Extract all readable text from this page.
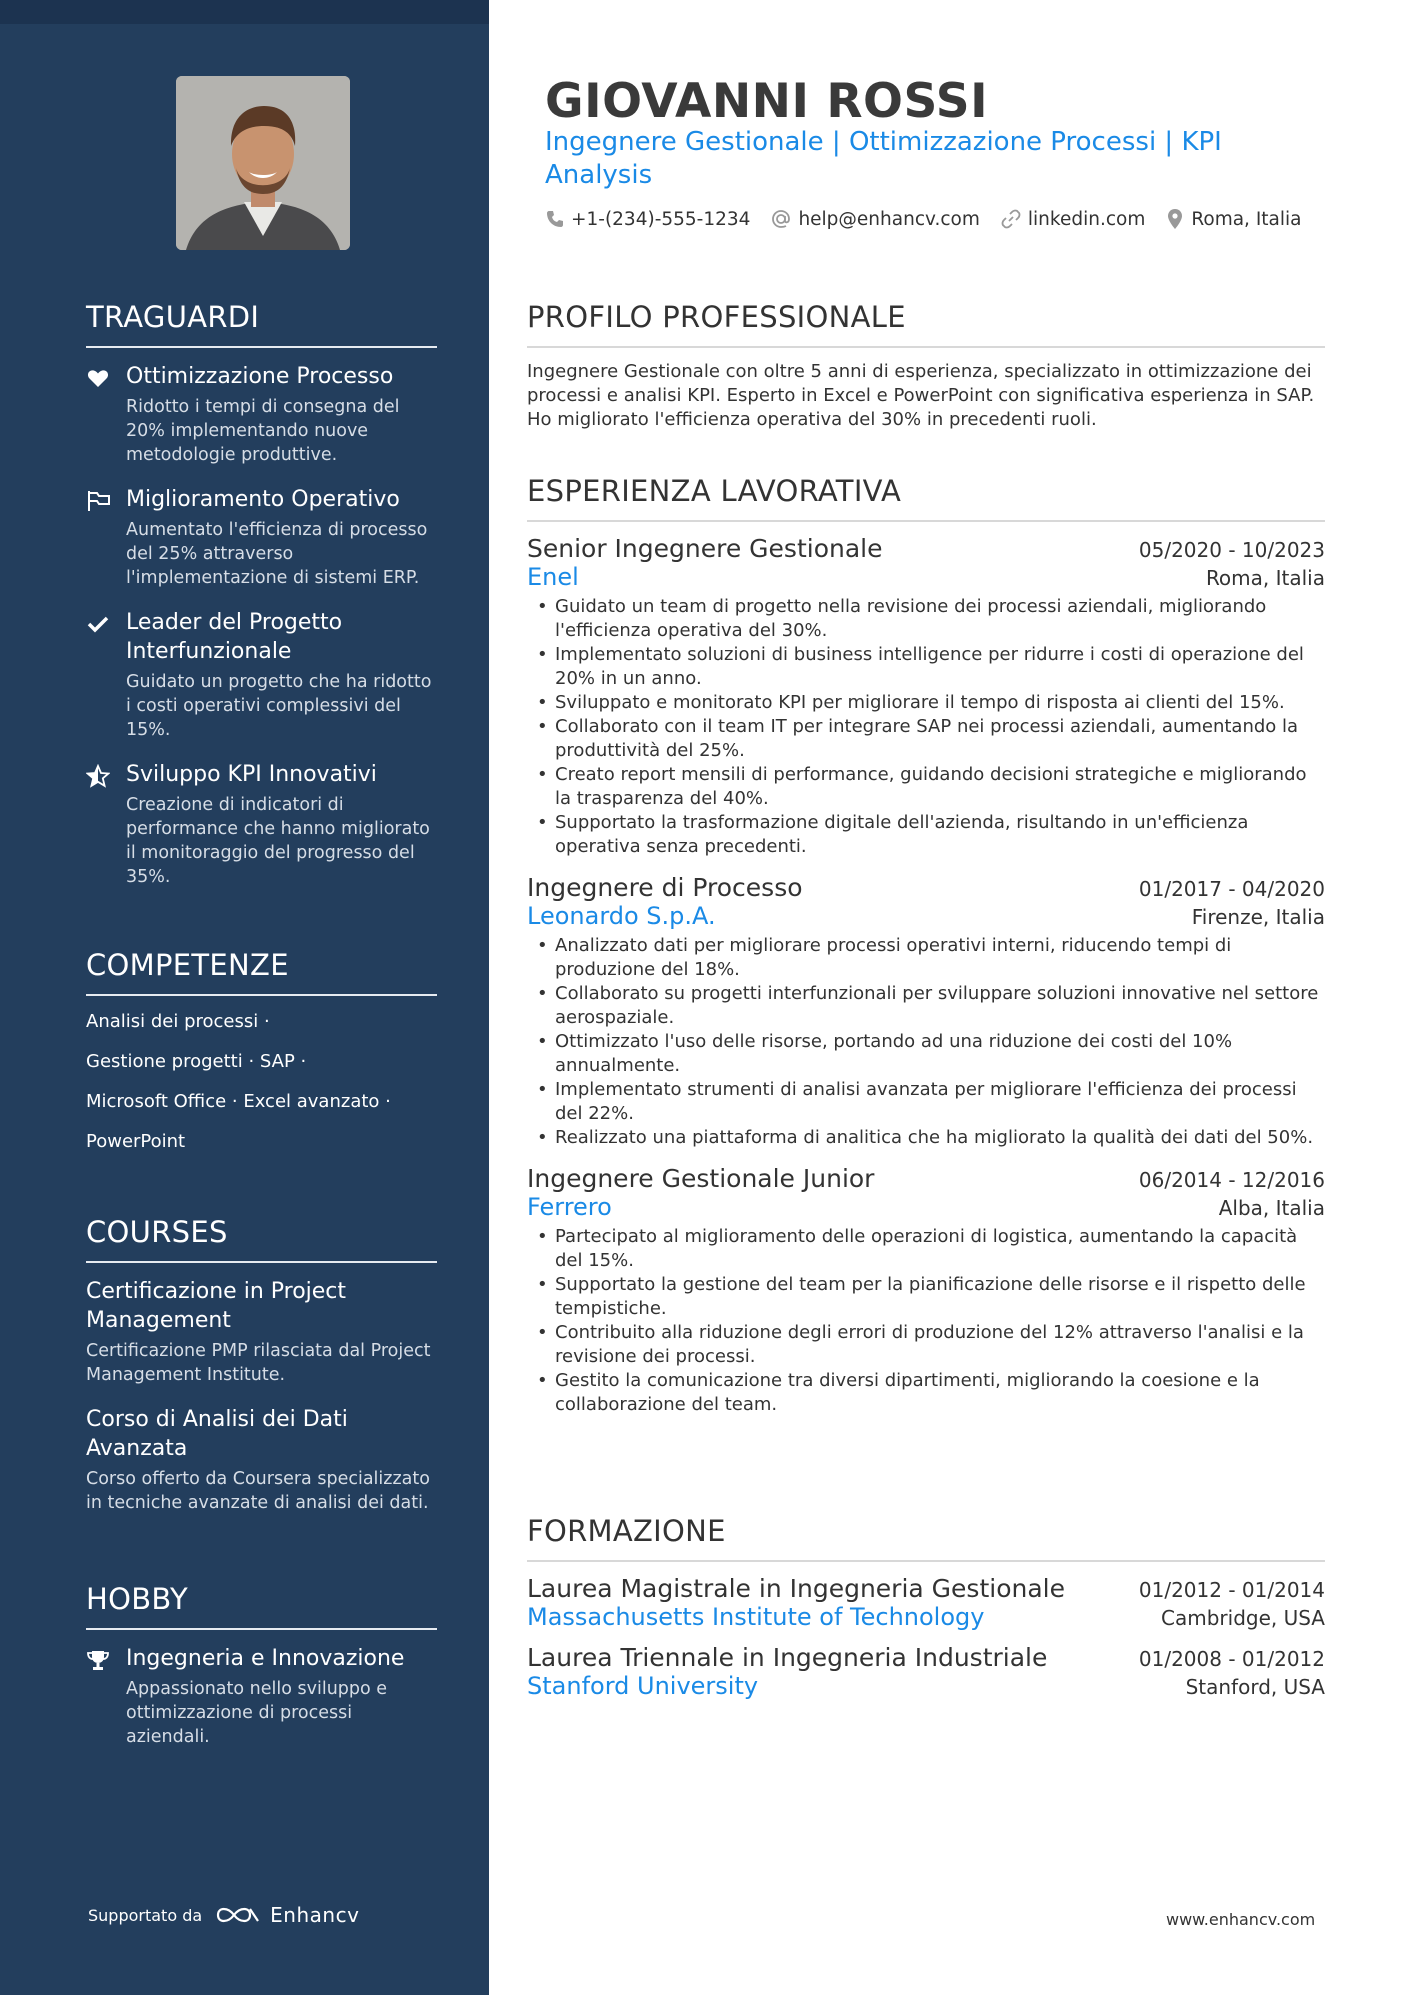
TRAGUARDI
Ottimizzazione Processo
Ridotto i tempi di consegna del 20% implementando nuove metodologie produttive.
Miglioramento Operativo
Aumentato l'efficienza di processo del 25% attraverso l'implementazione di sistemi ERP.
Leader del Progetto Interfunzionale
Guidato un progetto che ha ridotto i costi operativi complessivi del 15%.
Sviluppo KPI Innovativi
Creazione di indicatori di performance che hanno migliorato il monitoraggio del progresso del 35%.
COMPETENZE
Analisi dei processi ·
Gestione progetti · SAP ·
Microsoft Office · Excel avanzato ·
PowerPoint
COURSES
Certificazione in Project Management
Certificazione PMP rilasciata dal Project Management Institute.
Corso di Analisi dei Dati Avanzata
Corso offerto da Coursera specializzato in tecniche avanzate di analisi dei dati.
HOBBY
Ingegneria e Innovazione
Appassionato nello sviluppo e ottimizzazione di processi aziendali.
Supportato da	Enhancv
GIOVANNI ROSSI
Ingegnere Gestionale | Ottimizzazione Processi | KPI Analysis
+1-(234)-555-1234	help@enhancv.com	linkedin.com Roma, Italia
PROFILO PROFESSIONALE
Ingegnere Gestionale con oltre 5 anni di esperienza, specializzato in ottimizzazione dei processi e analisi KPI. Esperto in Excel e PowerPoint con significativa esperienza in SAP. Ho migliorato l'efficienza operativa del 30% in precedenti ruoli.
ESPERIENZA LAVORATIVA
Senior Ingegnere Gestionale	05/2020 - 10/2023
Enel	Roma, Italia
• Guidato un team di progetto nella revisione dei processi aziendali, migliorando l'efficienza operativa del 30%.
• Implementato soluzioni di business intelligence per ridurre i costi di operazione del 20% in un anno.
• Sviluppato e monitorato KPI per migliorare il tempo di risposta ai clienti del 15%.
• Collaborato con il team IT per integrare SAP nei processi aziendali, aumentando la produttività del 25%.
• Creato report mensili di performance, guidando decisioni strategiche e migliorando la trasparenza del 40%.
• Supportato la trasformazione digitale dell'azienda, risultando in un'efficienza operativa senza precedenti.
Ingegnere di Processo	01/2017 - 04/2020
Leonardo S.p.A.	Firenze, Italia
• Analizzato dati per migliorare processi operativi interni, riducendo tempi di produzione del 18%.
• Collaborato su progetti interfunzionali per sviluppare soluzioni innovative nel settore aerospaziale.
• Ottimizzato l'uso delle risorse, portando ad una riduzione dei costi del 10% annualmente.
• Implementato strumenti di analisi avanzata per migliorare l'efficienza dei processi del 22%.
• Realizzato una piattaforma di analitica che ha migliorato la qualità dei dati del 50%.
Ingegnere Gestionale Junior	06/2014 - 12/2016
Ferrero	Alba, Italia
• Partecipato al miglioramento delle operazioni di logistica, aumentando la capacità del 15%.
• Supportato la gestione del team per la pianificazione delle risorse e il rispetto delle tempistiche.
• Contribuito alla riduzione degli errori di produzione del 12% attraverso l'analisi e la revisione dei processi.
• Gestito la comunicazione tra diversi dipartimenti, migliorando la coesione e la collaborazione del team.
FORMAZIONE
Laurea Magistrale in Ingegneria Gestionale	01/2012 - 01/2014
Massachusetts Institute of Technology	Cambridge, USA
Laurea Triennale in Ingegneria Industriale	01/2008 - 01/2012
Stanford University	Stanford, USA
www.enhancv.com
